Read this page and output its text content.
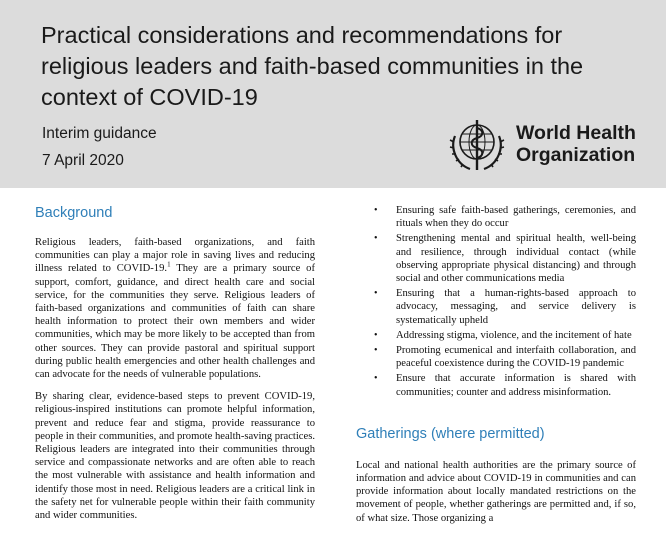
Practical considerations and recommendations for religious leaders and faith-based communities in the context of COVID-19
Interim guidance
7 April 2020
World Health
Organization
Background

Religious leaders, faith-based organizations, and faith communities can play a major role in saving lives and reducing illness related to COVID-19.$^1$ They are a primary source of support, comfort, guidance, and direct health care and social service, for the communities they serve. Religious leaders of faith-based organizations and communities of faith can share health information to protect their own members and wider communities, which may be more likely to be accepted than from other sources. They can provide pastoral and spiritual support during public health emergencies and other health challenges and can advocate for the needs of vulnerable populations.

By sharing clear, evidence-based steps to prevent COVID-19, religious-inspired institutions can promote helpful information, prevent and reduce fear and stigma, provide reassurance to people in their communities, and promote health-saving practices. Religious leaders are integrated into their communities through service and compassionate networks and are often able to reach the most vulnerable with assistance and health information and identify those most in need. Religious leaders are a critical link in the safety net for vulnerable people within their faith community and wider communities.

• Ensuring safe faith-based gatherings, ceremonies, and rituals when they do occur
• Strengthening mental and spiritual health, well-being and resilience, through individual contact (while observing appropriate physical distancing) and through social and other communications media
• Ensuring that a human-rights-based approach to advocacy, messaging, and service delivery is systematically upheld
• Addressing stigma, violence, and the incitement of hate
• Promoting ecumenical and interfaith collaboration, and peaceful coexistence during the COVID-19 pandemic
• Ensure that accurate information is shared with communities; counter and address misinformation.
Gatherings (where permitted)

Local and national health authorities are the primary source of information and advice about COVID-19 in communities and can provide information about locally mandated restrictions on the movement of people, whether gatherings are permitted and, if so, of what size. Those organizing a
